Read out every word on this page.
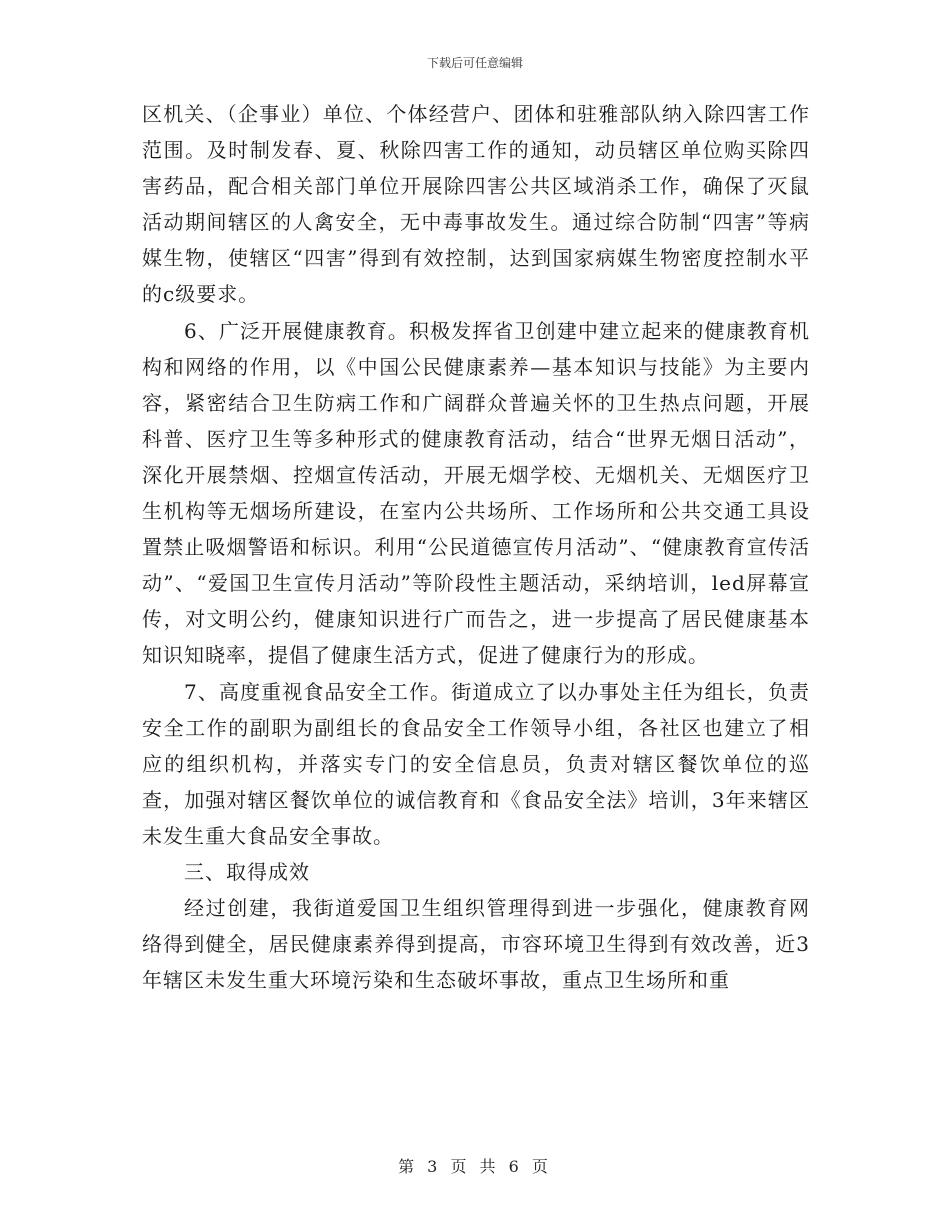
下载后可任意编辑

区机关、（企事业）单位、个体经营户、团体和驻雅部队纳入除四害工作范围。及时制发春、夏、秋除四害工作的通知，动员辖区单位购买除四害药品，配合相关部门单位开展除四害公共区域消杀工作，确保了灭鼠活动期间辖区的人禽安全，无中毒事故发生。通过综合防制“四害”等病媒生物，使辖区“四害”得到有效控制，达到国家病媒生物密度控制水平的c级要求。

6、广泛开展健康教育。积极发挥省卫创建中建立起来的健康教育机构和网络的作用，以《中国公民健康素养—基本知识与技能》为主要内容，紧密结合卫生防病工作和广阔群众普遍关怀的卫生热点问题，开展科普、医疗卫生等多种形式的健康教育活动，结合“世界无烟日活动”，深化开展禁烟、控烟宣传活动，开展无烟学校、无烟机关、无烟医疗卫生机构等无烟场所建设，在室内公共场所、工作场所和公共交通工具设置禁止吸烟警语和标识。利用“公民道德宣传月活动”、“健康教育宣传活动”、“爱国卫生宣传月活动”等阶段性主题活动，采纳培训，led屏幕宣传，对文明公约，健康知识进行广而告之，进一步提高了居民健康基本知识知晓率，提倡了健康生活方式，促进了健康行为的形成。

7、高度重视食品安全工作。街道成立了以办事处主任为组长，负责安全工作的副职为副组长的食品安全工作领导小组，各社区也建立了相应的组织机构，并落实专门的安全信息员，负责对辖区餐饮单位的巡查，加强对辖区餐饮单位的诚信教育和《食品安全法》培训，3年来辖区未发生重大食品安全事故。

三、取得成效

经过创建，我街道爱国卫生组织管理得到进一步强化，健康教育网络得到健全，居民健康素养得到提高，市容环境卫生得到有效改善，近3年辖区未发生重大环境污染和生态破坏事故，重点卫生场所和重

第 3 页 共 6 页
